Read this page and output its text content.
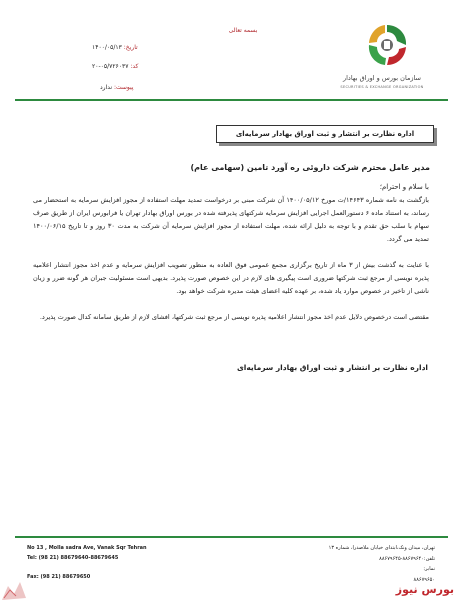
بسمه تعالی
تاریخ: ۱۴۰۰/۰۵/۱۳
کد: ۰۵/۷۲۶۰۳۷-۲۰
پیوست: ندارد
سازمان بورس و اوراق بهادار
SECURITIES & EXCHANGE ORGANIZATION
اداره نظارت بر انتشار و ثبت اوراق بهادار سرمایه‌ای
مدیر عامل محترم شرکت داروئی ره آورد تامین (سهامی عام)
با سلام و احترام؛
بازگشت به نامه شماره ۱۴۶۴۳/ت مورخ ۱۴۰۰/۰۵/۱۲ آن شرکت مبنی بر درخواست تمدید مهلت استفاده از مجوز افزایش سرمایه به استحضار می رساند، به استناد ماده ۶ دستورالعمل اجرایی افزایش سرمایه شرکتهای پذیرفته شده در بورس اوراق بهادار تهران یا فرابورس ایران از طریق صرف سهام با سلب حق تقدم و با توجه به دلیل ارائه شده، مهلت استفاده از مجوز افزایش سرمایه آن شرکت به مدت ۳۰ روز و تا تاریخ ۱۴۰۰/۰۶/۱۵ تمدید می گردد.
با عنایت به گذشت بیش از ۳ ماه از تاریخ برگزاری مجمع عمومی فوق العاده به منظور تصویب افزایش سرمایه و عدم اخذ مجوز انتشار اعلامیه پذیره نویسی از مرجع ثبت شرکتها ضروری است پیگیری های لازم در این خصوص صورت پذیرد. بدیهی است مسئولیت جبران هر گونه ضرر و زیان ناشی از تاخیر در خصوص موارد یاد شده، بر عهده کلیه اعضای هیئت مدیره شرکت خواهد بود.
مقتضی است درخصوص دلایل عدم اخذ مجوز انتشار اعلامیه پذیره نویسی از مرجع ثبت شرکتها، افشای لازم از طریق سامانه کدال صورت پذیرد.
اداره نظارت بر انتشار و ثبت اوراق بهادار سرمایه‌ای
No 13 , Molla sadra Ave, Vanak Sqr Tehran
Tel: (98 21) 88679640-88679645
Fax: (98 21) 88679650
تهران، میدان ونک،ابتدای خیابان ملاصدرا، شماره ۱۳
تلفن:۸۸۶۷۹۶۴۰-۸۸۶۷۹۶۴۵
نمابر:
۸۸۶۷۹۶۵۰
بورس نیوز
